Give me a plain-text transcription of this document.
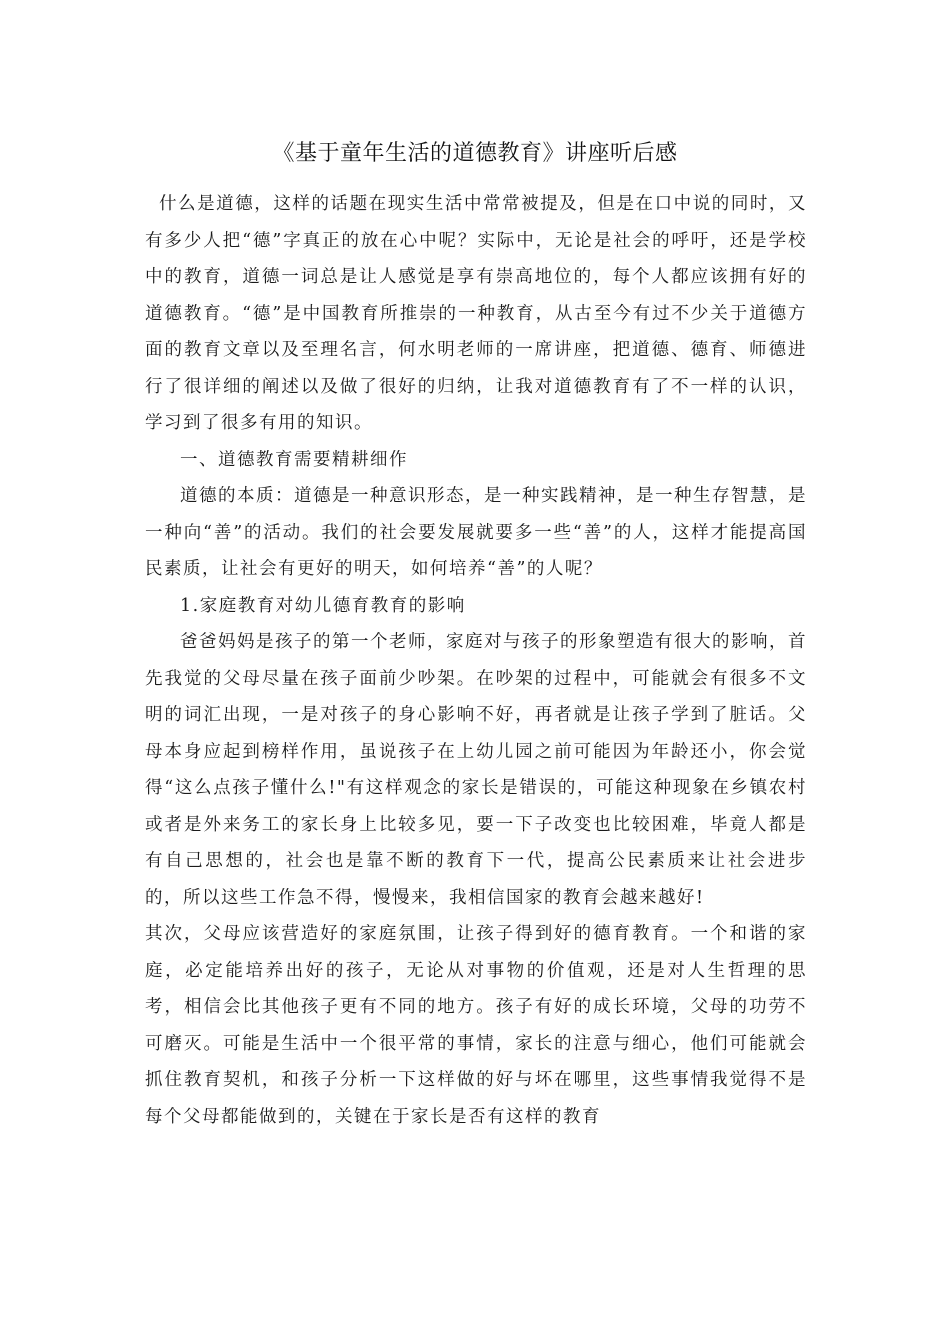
《基于童年生活的道德教育》讲座听后感

什么是道德，这样的话题在现实生活中常常被提及，但是在口中说的同时，又有多少人把“德”字真正的放在心中呢？实际中，无论是社会的呼吁，还是学校中的教育，道德一词总是让人感觉是享有崇高地位的，每个人都应该拥有好的道德教育。“德”是中国教育所推崇的一种教育，从古至今有过不少关于道德方面的教育文章以及至理名言，何水明老师的一席讲座，把道德、德育、师德进行了很详细的阐述以及做了很好的归纳，让我对道德教育有了不一样的认识，学习到了很多有用的知识。

一、道德教育需要精耕细作

道德的本质：道德是一种意识形态，是一种实践精神，是一种生存智慧，是一种向“善”的活动。我们的社会要发展就要多一些“善”的人，这样才能提高国民素质，让社会有更好的明天，如何培养“善”的人呢？

1.家庭教育对幼儿德育教育的影响

爸爸妈妈是孩子的第一个老师，家庭对与孩子的形象塑造有很大的影响，首先我觉的父母尽量在孩子面前少吵架。在吵架的过程中，可能就会有很多不文明的词汇出现，一是对孩子的身心影响不好，再者就是让孩子学到了脏话。父母本身应起到榜样作用，虽说孩子在上幼儿园之前可能因为年龄还小，你会觉得“这么点孩子懂什么!"有这样观念的家长是错误的，可能这种现象在乡镇农村或者是外来务工的家长身上比较多见，要一下子改变也比较困难，毕竟人都是有自己思想的，社会也是靠不断的教育下一代，提高公民素质来让社会进步的，所以这些工作急不得，慢慢来，我相信国家的教育会越来越好!

其次，父母应该营造好的家庭氛围，让孩子得到好的德育教育。一个和谐的家庭，必定能培养出好的孩子，无论从对事物的价值观，还是对人生哲理的思考，相信会比其他孩子更有不同的地方。孩子有好的成长环境，父母的功劳不可磨灭。可能是生活中一个很平常的事情，家长的注意与细心，他们可能就会抓住教育契机，和孩子分析一下这样做的好与坏在哪里，这些事情我觉得不是每个父母都能做到的，关键在于家长是否有这样的教育
